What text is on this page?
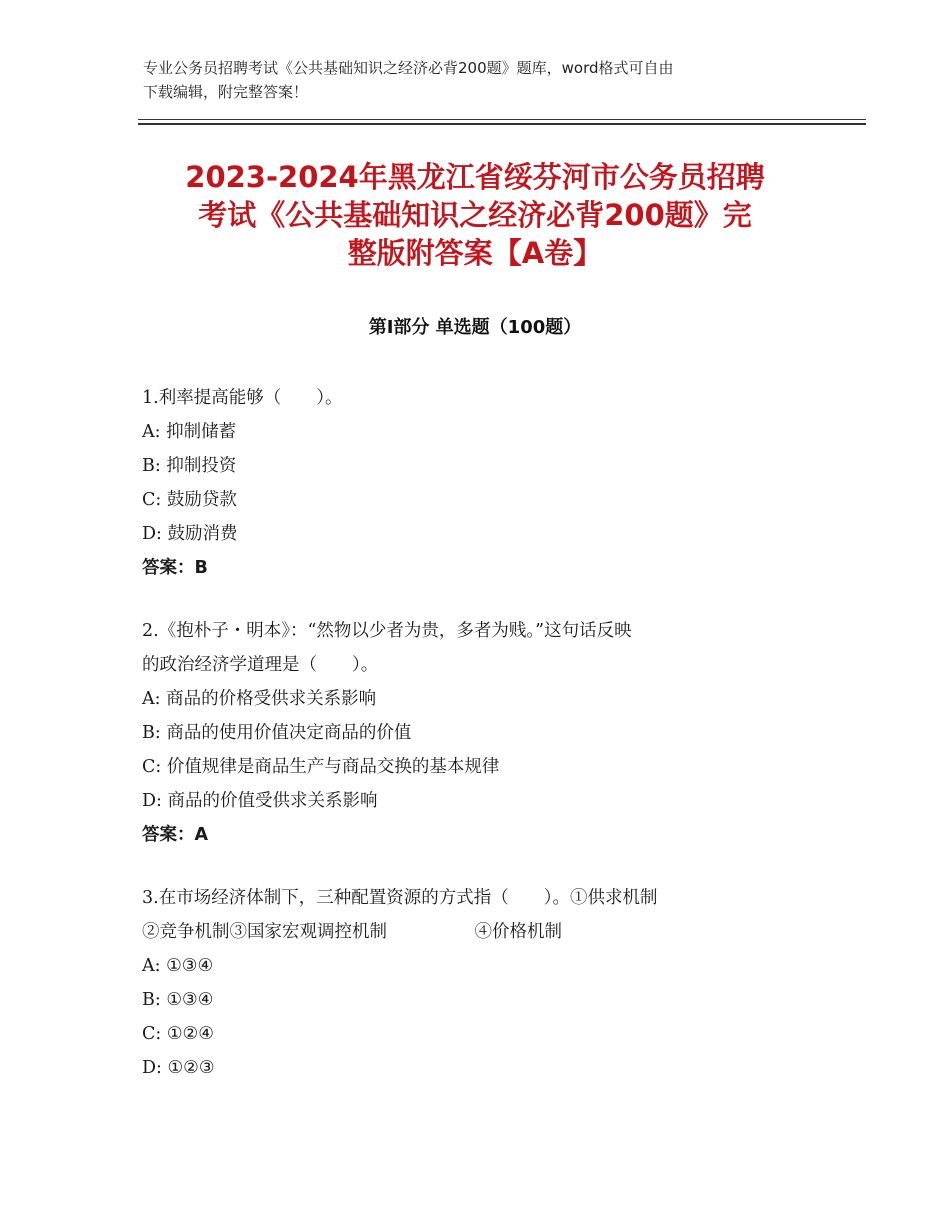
专业公务员招聘考试《公共基础知识之经济必背200题》题库，word格式可自由
下载编辑，附完整答案！
2023-2024年黑龙江省绥芬河市公务员招聘
考试《公共基础知识之经济必背200题》完
整版附答案【A卷】
第Ⅰ部分 单选题（100题）

1.利率提高能够（　　）。

A: 抑制储蓄

B: 抑制投资

C: 鼓励贷款

D: 鼓励消费

答案：B

2.《抱朴子・明本》：“然物以少者为贵，多者为贱。”这句话反映

的政治经济学道理是（　　）。

A: 商品的价格受供求关系影响

B: 商品的使用价值决定商品的价值

C: 价值规律是商品生产与商品交换的基本规律

D: 商品的价值受供求关系影响

答案：A

3.在市场经济体制下，三种配置资源的方式指（　　）。①供求机制

②竞争机制③国家宏观调控机制　　　　　④价格机制

A: ①③④

B: ①③④

C: ①②④

D: ①②③
